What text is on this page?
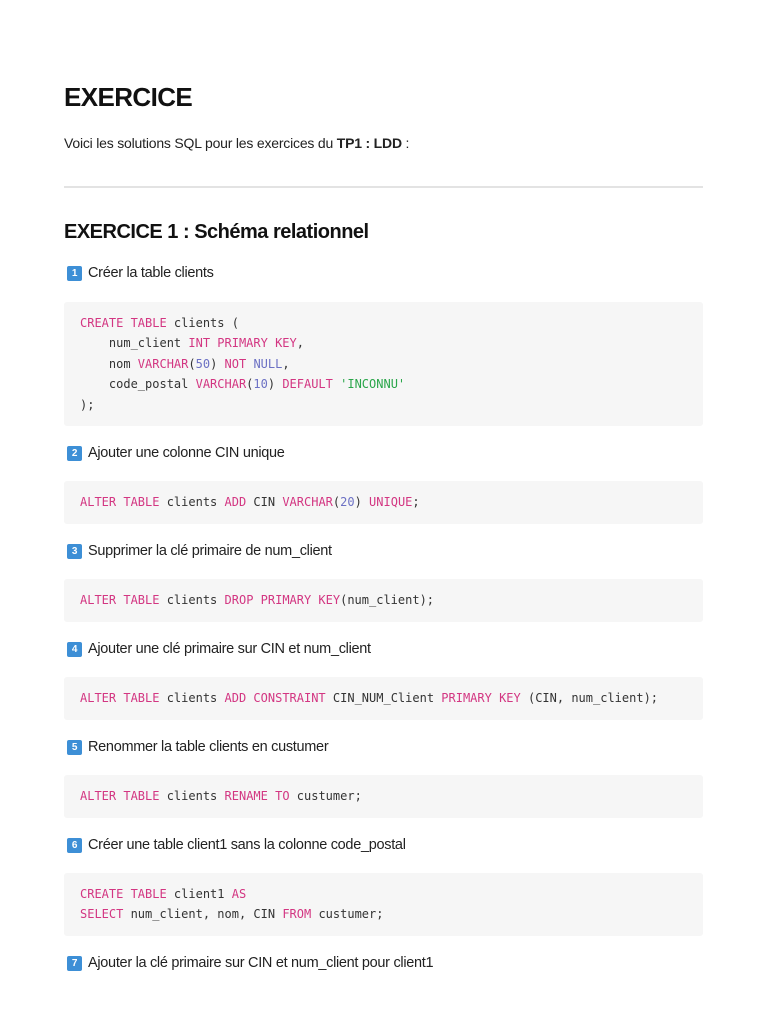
EXERCICE

Voici les solutions SQL pour les exercices du TP1 : LDD :

EXERCICE 1 : Schéma relationnel
1 Créer la table clients
CREATE TABLE clients (
num_client INT PRIMARY KEY,
nom VARCHAR(50) NOT NULL,
code_postal VARCHAR(10) DEFAULT 'INCONNU'
);
2 Ajouter une colonne CIN unique
ALTER TABLE clients ADD CIN VARCHAR(20) UNIQUE;
3 Supprimer la clé primaire de num_client
ALTER TABLE clients DROP PRIMARY KEY(num_client);
4 Ajouter une clé primaire sur CIN et num_client
ALTER TABLE clients ADD CONSTRAINT CIN_NUM_Client PRIMARY KEY (CIN, num_client);
5 Renommer la table clients en custumer
ALTER TABLE clients RENAME TO custumer;
6 Créer une table client1 sans la colonne code_postal
CREATE TABLE client1 AS
SELECT num_client, nom, CIN FROM custumer;
7 Ajouter la clé primaire sur CIN et num_client pour client1
